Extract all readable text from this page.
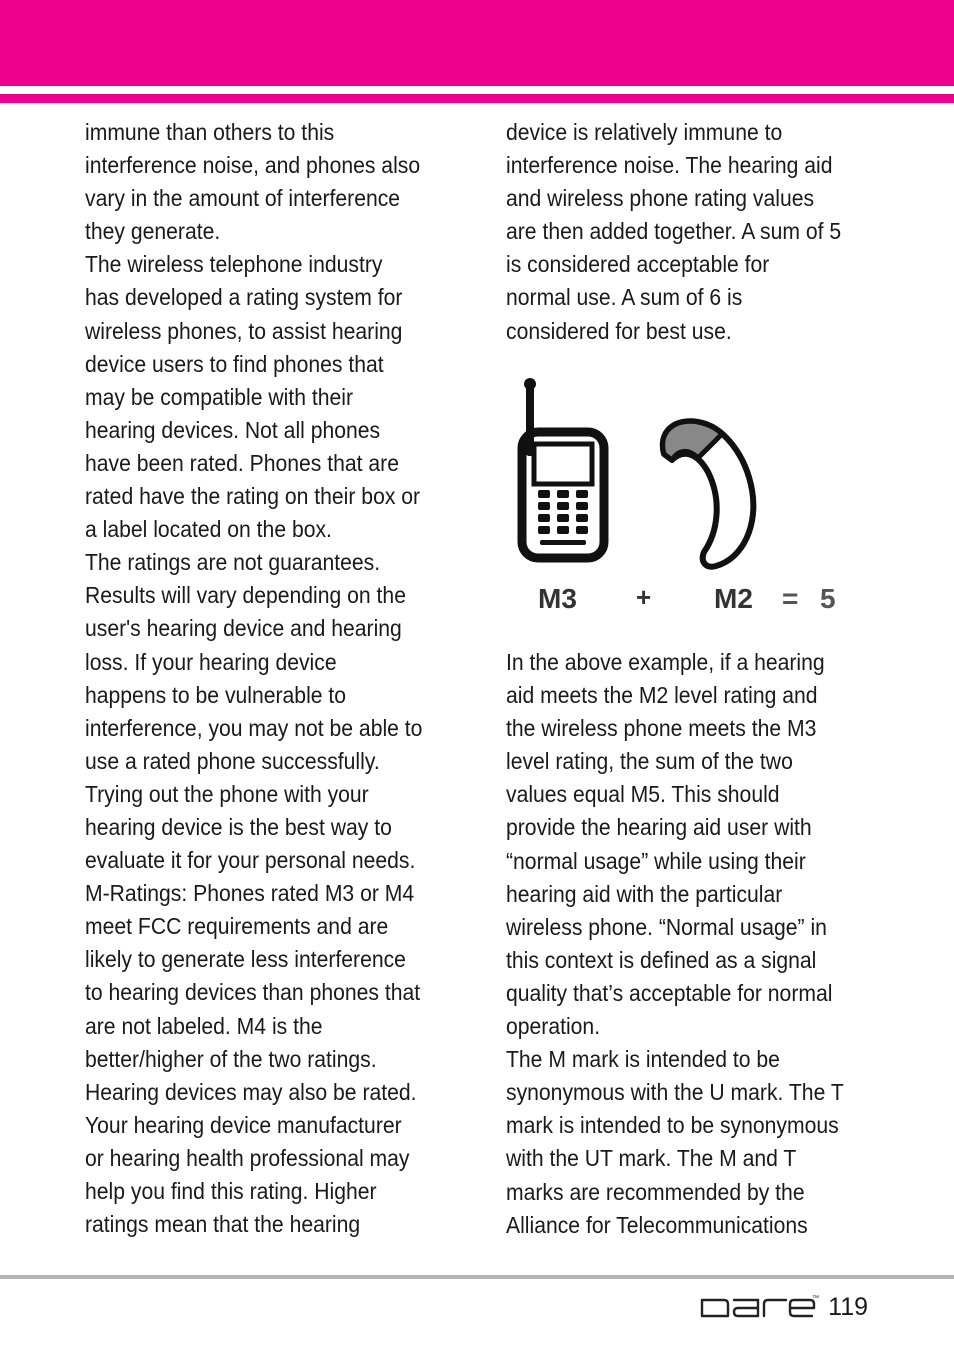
immune than others to this

interference noise, and phones also

vary in the amount of interference

they generate.

The wireless telephone industry

has developed a rating system for

wireless phones, to assist hearing

device users to find phones that

may be compatible with their

hearing devices. Not all phones

have been rated. Phones that are

rated have the rating on their box or

a label located on the box.

The ratings are not guarantees.

Results will vary depending on the

user's hearing device and hearing

loss. If your hearing device

happens to be vulnerable to

interference, you may not be able to

use a rated phone successfully.

Trying out the phone with your

hearing device is the best way to

evaluate it for your personal needs.

M-Ratings: Phones rated M3 or M4

meet FCC requirements and are

likely to generate less interference

to hearing devices than phones that

are not labeled. M4 is the

better/higher of the two ratings.

Hearing devices may also be rated.

Your hearing device manufacturer

or hearing health professional may

help you find this rating. Higher

ratings mean that the hearing

device is relatively immune to

interference noise. The hearing aid

and wireless phone rating values

are then added together. A sum of 5

is considered acceptable for

normal use. A sum of 6 is

considered for best use.

In the above example, if a hearing

aid meets the M2 level rating and

the wireless phone meets the M3

level rating, the sum of the two

values equal M5. This should

provide the hearing aid user with

“normal usage” while using their

hearing aid with the particular

wireless phone. “Normal usage” in

this context is defined as a signal

quality that’s acceptable for normal

operation.

The M mark is intended to be

synonymous with the U mark. The T

mark is intended to be synonymous

with the UT mark. The M and T

marks are recommended by the

Alliance for Telecommunications

M3 + M2 = 5
™ 119
